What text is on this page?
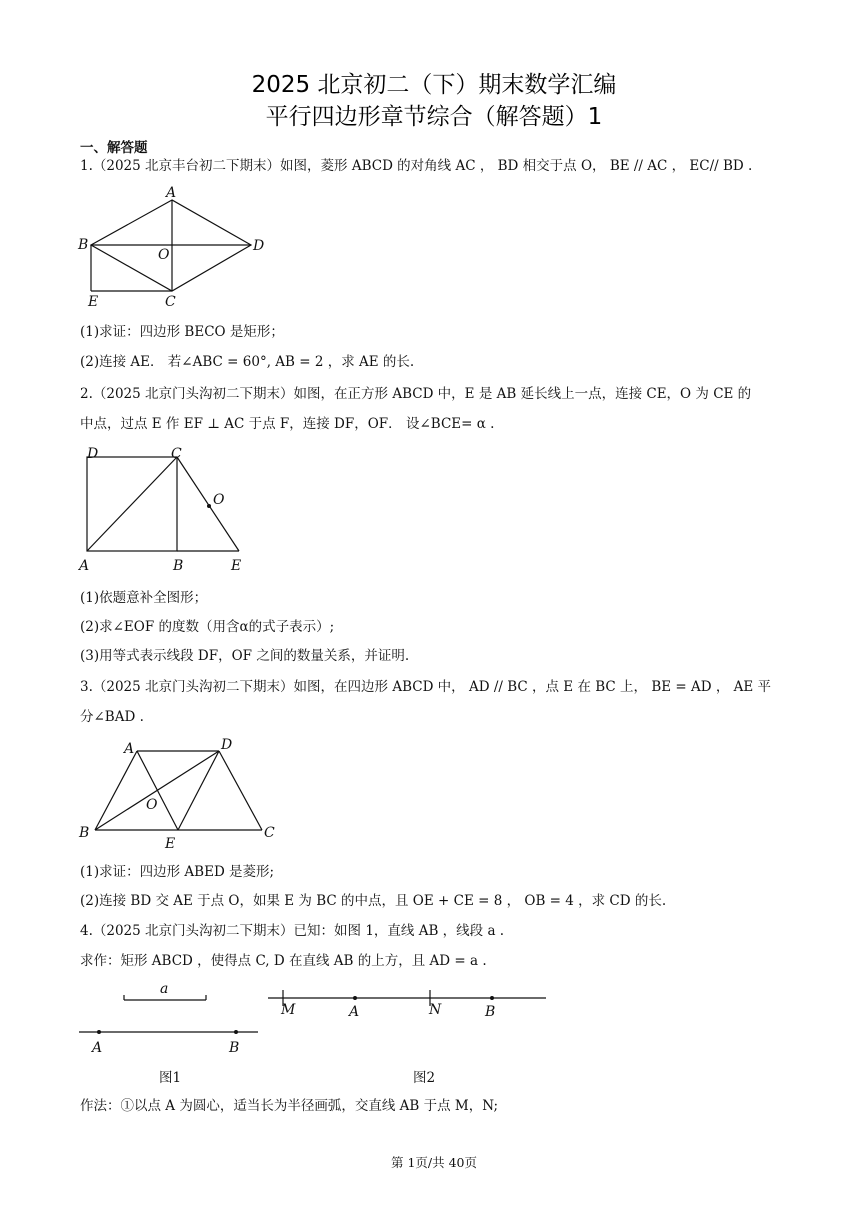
2025 北京初二（下）期末数学汇编
平行四边形章节综合（解答题）1
一、解答题
1.（2025 北京丰台初二下期末）如图，菱形 ABCD 的对角线 AC ， BD 相交于点 O， BE // AC ， EC// BD .
A
B
C
D
E
O
(1)求证：四边形 BECO 是矩形；
(2)连接 AE． 若∠ABC = 60°, AB = 2 ，求 AE 的长.
2.（2025 北京门头沟初二下期末）如图，在正方形 ABCD 中，E 是 AB 延长线上一点，连接 CE，O 为 CE 的
中点，过点 E 作 EF ⊥ AC 于点 F，连接 DF，OF． 设∠BCE= α .
D	C
O
A	B	E
(1)依题意补全图形；
(2)求∠EOF 的度数（用含α的式子表示）;
(3)用等式表示线段 DF，OF 之间的数量关系，并证明.
3.（2025 北京门头沟初二下期末）如图，在四边形 ABCD 中， AD // BC ，点 E 在 BC 上， BE = AD ， AE 平
分∠BAD .
A	D
B
E
C
O
(1)求证：四边形 ABED 是菱形;
(2)连接 BD 交 AE 于点 O，如果 E 为 BC 的中点，且 OE + CE = 8 ， OB = 4 ，求 CD 的长.
4.（2025 北京门头沟初二下期末）已知：如图 1，直线 AB ，线段 a .
求作：矩形 ABCD ，使得点 C, D 在直线 AB 的上方，且 AD = a .
a
A	B
M	A	N	B
图1	图2
作法：①以点 A 为圆心，适当长为半径画弧，交直线 AB 于点 M，N;
第 1页/共 40页
